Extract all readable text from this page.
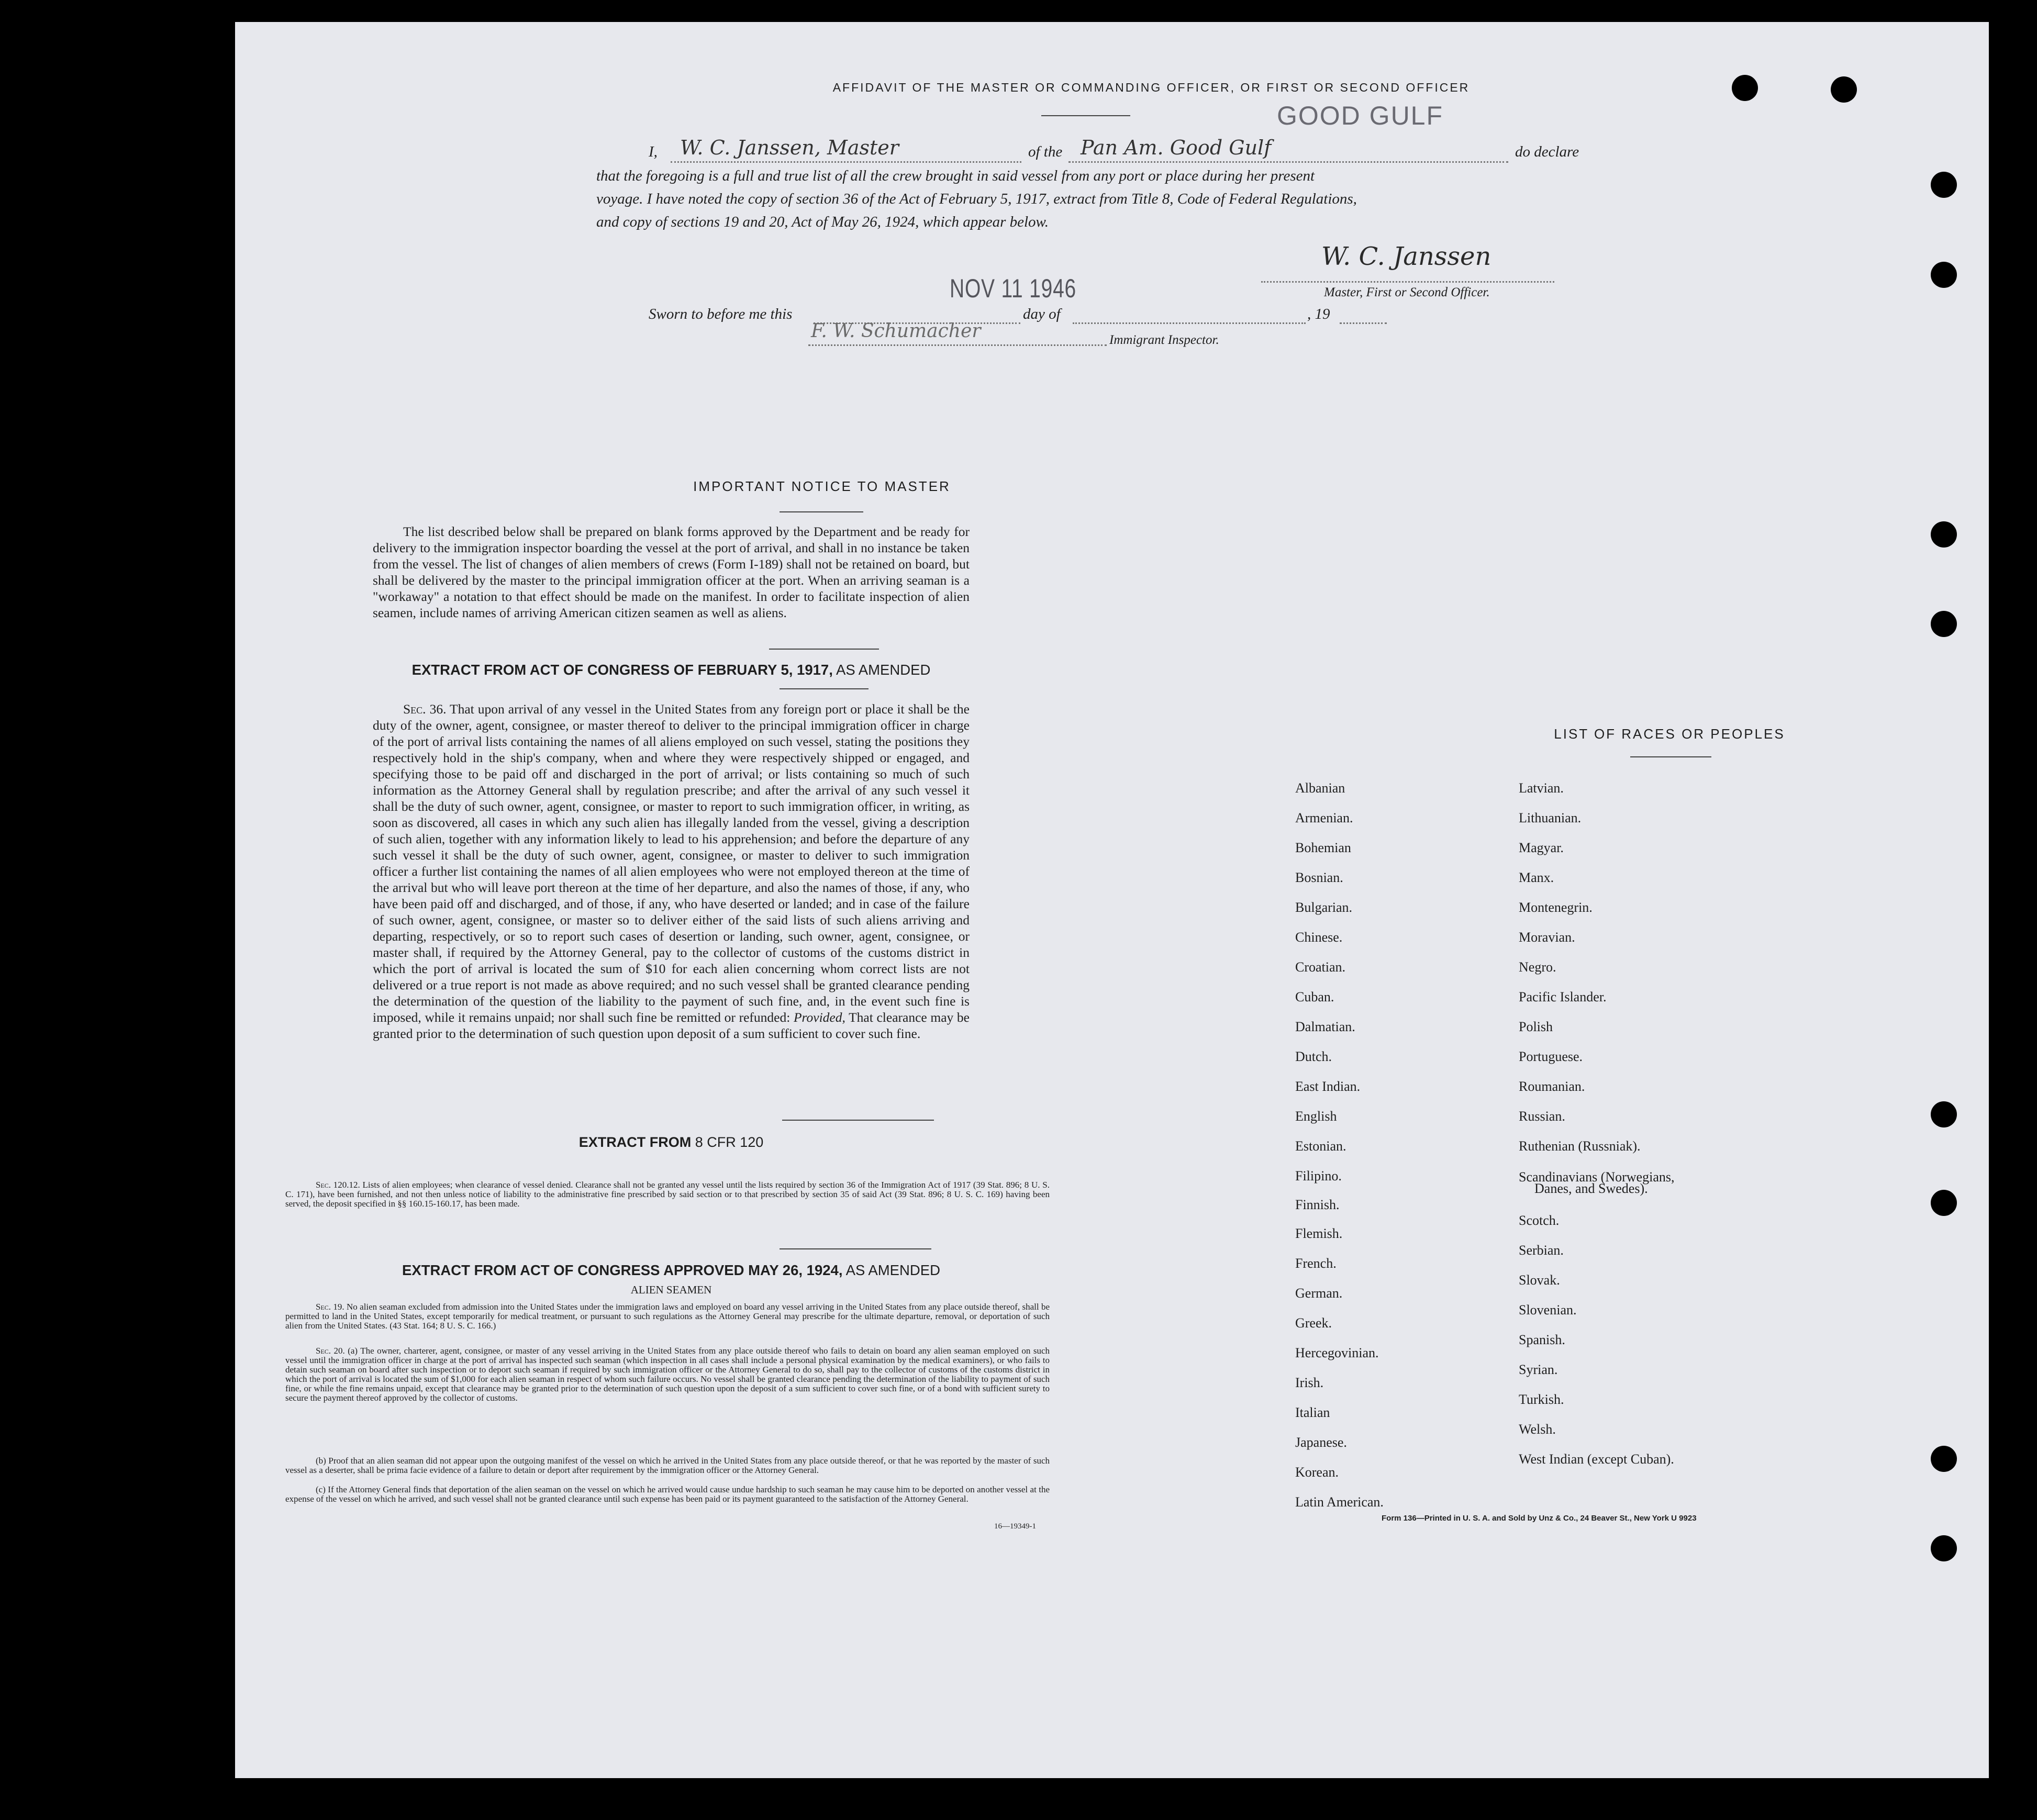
AFFIDAVIT OF THE MASTER OR COMMANDING OFFICER, OR FIRST OR SECOND OFFICER
I, W. C. Janssen, Master	of the Pan Am. Good Gulf
GOOD GULF
do declare
that the foregoing is a full and true list of all the crew brought in said vessel from any port or place during her present
voyage. I have noted the copy of section 36 of the Act of February 5, 1917, extract from Title 8, Code of Federal Regulations,
and copy of sections 19 and 20, Act of May 26, 1924, which appear below.
W. C. Janssen
Master, First or Second Officer.
Sworn to before me this
NOV 11 1946
day of	, 19
F. W. Schumacher	Immigrant Inspector.
IMPORTANT NOTICE TO MASTER
The list described below shall be prepared on blank forms approved by the Department and be ready for delivery to the immigration inspector boarding the vessel at the port of arrival, and shall in no instance be taken from the vessel. The list of changes of alien members of crews (Form I-189) shall not be retained on board, but shall be delivered by the master to the principal immigration officer at the port. When an arriving seaman is a "workaway" a notation to that effect should be made on the manifest. In order to facilitate inspection of alien seamen, include names of arriving American citizen seamen as well as aliens.
EXTRACT FROM ACT OF CONGRESS OF FEBRUARY 5, 1917, AS AMENDED
Sec. 36. That upon arrival of any vessel in the United States from any foreign port or place it shall be the duty of the owner, agent, consignee, or master thereof to deliver to the principal immigration officer in charge of the port of arrival lists containing the names of all aliens employed on such vessel, stating the positions they respectively hold in the ship's company, when and where they were respectively shipped or engaged, and specifying those to be paid off and discharged in the port of arrival; or lists containing so much of such information as the Attorney General shall by regulation prescribe; and after the arrival of any such vessel it shall be the duty of such owner, agent, consignee, or master to report to such immigration officer, in writing, as soon as discovered, all cases in which any such alien has illegally landed from the vessel, giving a description of such alien, together with any information likely to lead to his apprehension; and before the departure of any such vessel it shall be the duty of such owner, agent, consignee, or master to deliver to such immigration officer a further list containing the names of all alien employees who were not employed thereon at the time of the arrival but who will leave port thereon at the time of her departure, and also the names of those, if any, who have been paid off and discharged, and of those, if any, who have deserted or landed; and in case of the failure of such owner, agent, consignee, or master so to deliver either of the said lists of such aliens arriving and departing, respectively, or so to report such cases of desertion or landing, such owner, agent, consignee, or master shall, if required by the Attorney General, pay to the collector of customs of the customs district in which the port of arrival is located the sum of $10 for each alien concerning whom correct lists are not delivered or a true report is not made as above required; and no such vessel shall be granted clearance pending the determination of the question of the liability to the payment of such fine, and, in the event such fine is imposed, while it remains unpaid; nor shall such fine be remitted or refunded: Provided, That clearance may be granted prior to the determination of such question upon deposit of a sum sufficient to cover such fine.
EXTRACT FROM 8 CFR 120
Sec. 120.12. Lists of alien employees; when clearance of vessel denied. Clearance shall not be granted any vessel until the lists required by section 36 of the Immigration Act of 1917 (39 Stat. 896; 8 U. S. C. 171), have been furnished, and not then unless notice of liability to the administrative fine prescribed by said section or to that prescribed by section 35 of said Act (39 Stat. 896; 8 U. S. C. 169) having been served, the deposit specified in §§ 160.15-160.17, has been made.
EXTRACT FROM ACT OF CONGRESS APPROVED MAY 26, 1924, AS AMENDED
ALIEN SEAMEN
Sec. 19. No alien seaman excluded from admission into the United States under the immigration laws and employed on board any vessel arriving in the United States from any place outside thereof, shall be permitted to land in the United States, except temporarily for medical treatment, or pursuant to such regulations as the Attorney General may prescribe for the ultimate departure, removal, or deportation of such alien from the United States. (43 Stat. 164; 8 U. S. C. 166.)
Sec. 20. (a) The owner, charterer, agent, consignee, or master of any vessel arriving in the United States from any place outside thereof who fails to detain on board any alien seaman employed on such vessel until the immigration officer in charge at the port of arrival has inspected such seaman (which inspection in all cases shall include a personal physical examination by the medical examiners), or who fails to detain such seaman on board after such inspection or to deport such seaman if required by such immigration officer or the Attorney General to do so, shall pay to the collector of customs of the customs district in which the port of arrival is located the sum of $1,000 for each alien seaman in respect of whom such failure occurs. No vessel shall be granted clearance pending the determination of the liability to payment of such fine, or while the fine remains unpaid, except that clearance may be granted prior to the determination of such question upon the deposit of a sum sufficient to cover such fine, or of a bond with sufficient surety to secure the payment thereof approved by the collector of customs.
(b) Proof that an alien seaman did not appear upon the outgoing manifest of the vessel on which he arrived in the United States from any place outside thereof, or that he was reported by the master of such vessel as a deserter, shall be prima facie evidence of a failure to detain or deport after requirement by the immigration officer or the Attorney General.
(c) If the Attorney General finds that deportation of the alien seaman on the vessel on which he arrived would cause undue hardship to such seaman he may cause him to be deported on another vessel at the expense of the vessel on which he arrived, and such vessel shall not be granted clearance until such expense has been paid or its payment guaranteed to the satisfaction of the Attorney General.
16—19349-1
LIST OF RACES OR PEOPLES
Albanian
Armenian.
Bohemian
Bosnian.
Bulgarian.
Chinese.
Croatian.
Cuban.
Dalmatian.
Dutch.
East Indian.
English
Estonian.
Filipino.
Finnish.
Flemish.
French.
German.
Greek.
Hercegovinian.
Irish.
Italian
Japanese.
Korean.
Latin American.
Latvian.
Lithuanian.
Magyar.
Manx.
Montenegrin.
Moravian.
Negro.
Pacific Islander.
Polish
Portuguese.
Roumanian.
Russian.
Ruthenian (Russniak).
Scandinavians (Norwegians,
Danes, and Swedes).
Scotch.
Serbian.
Slovak.
Slovenian.
Spanish.
Syrian.
Turkish.
Welsh.
West Indian (except Cuban).
Form 136—Printed in U. S. A. and Sold by Unz & Co., 24 Beaver St., New York U 9923
